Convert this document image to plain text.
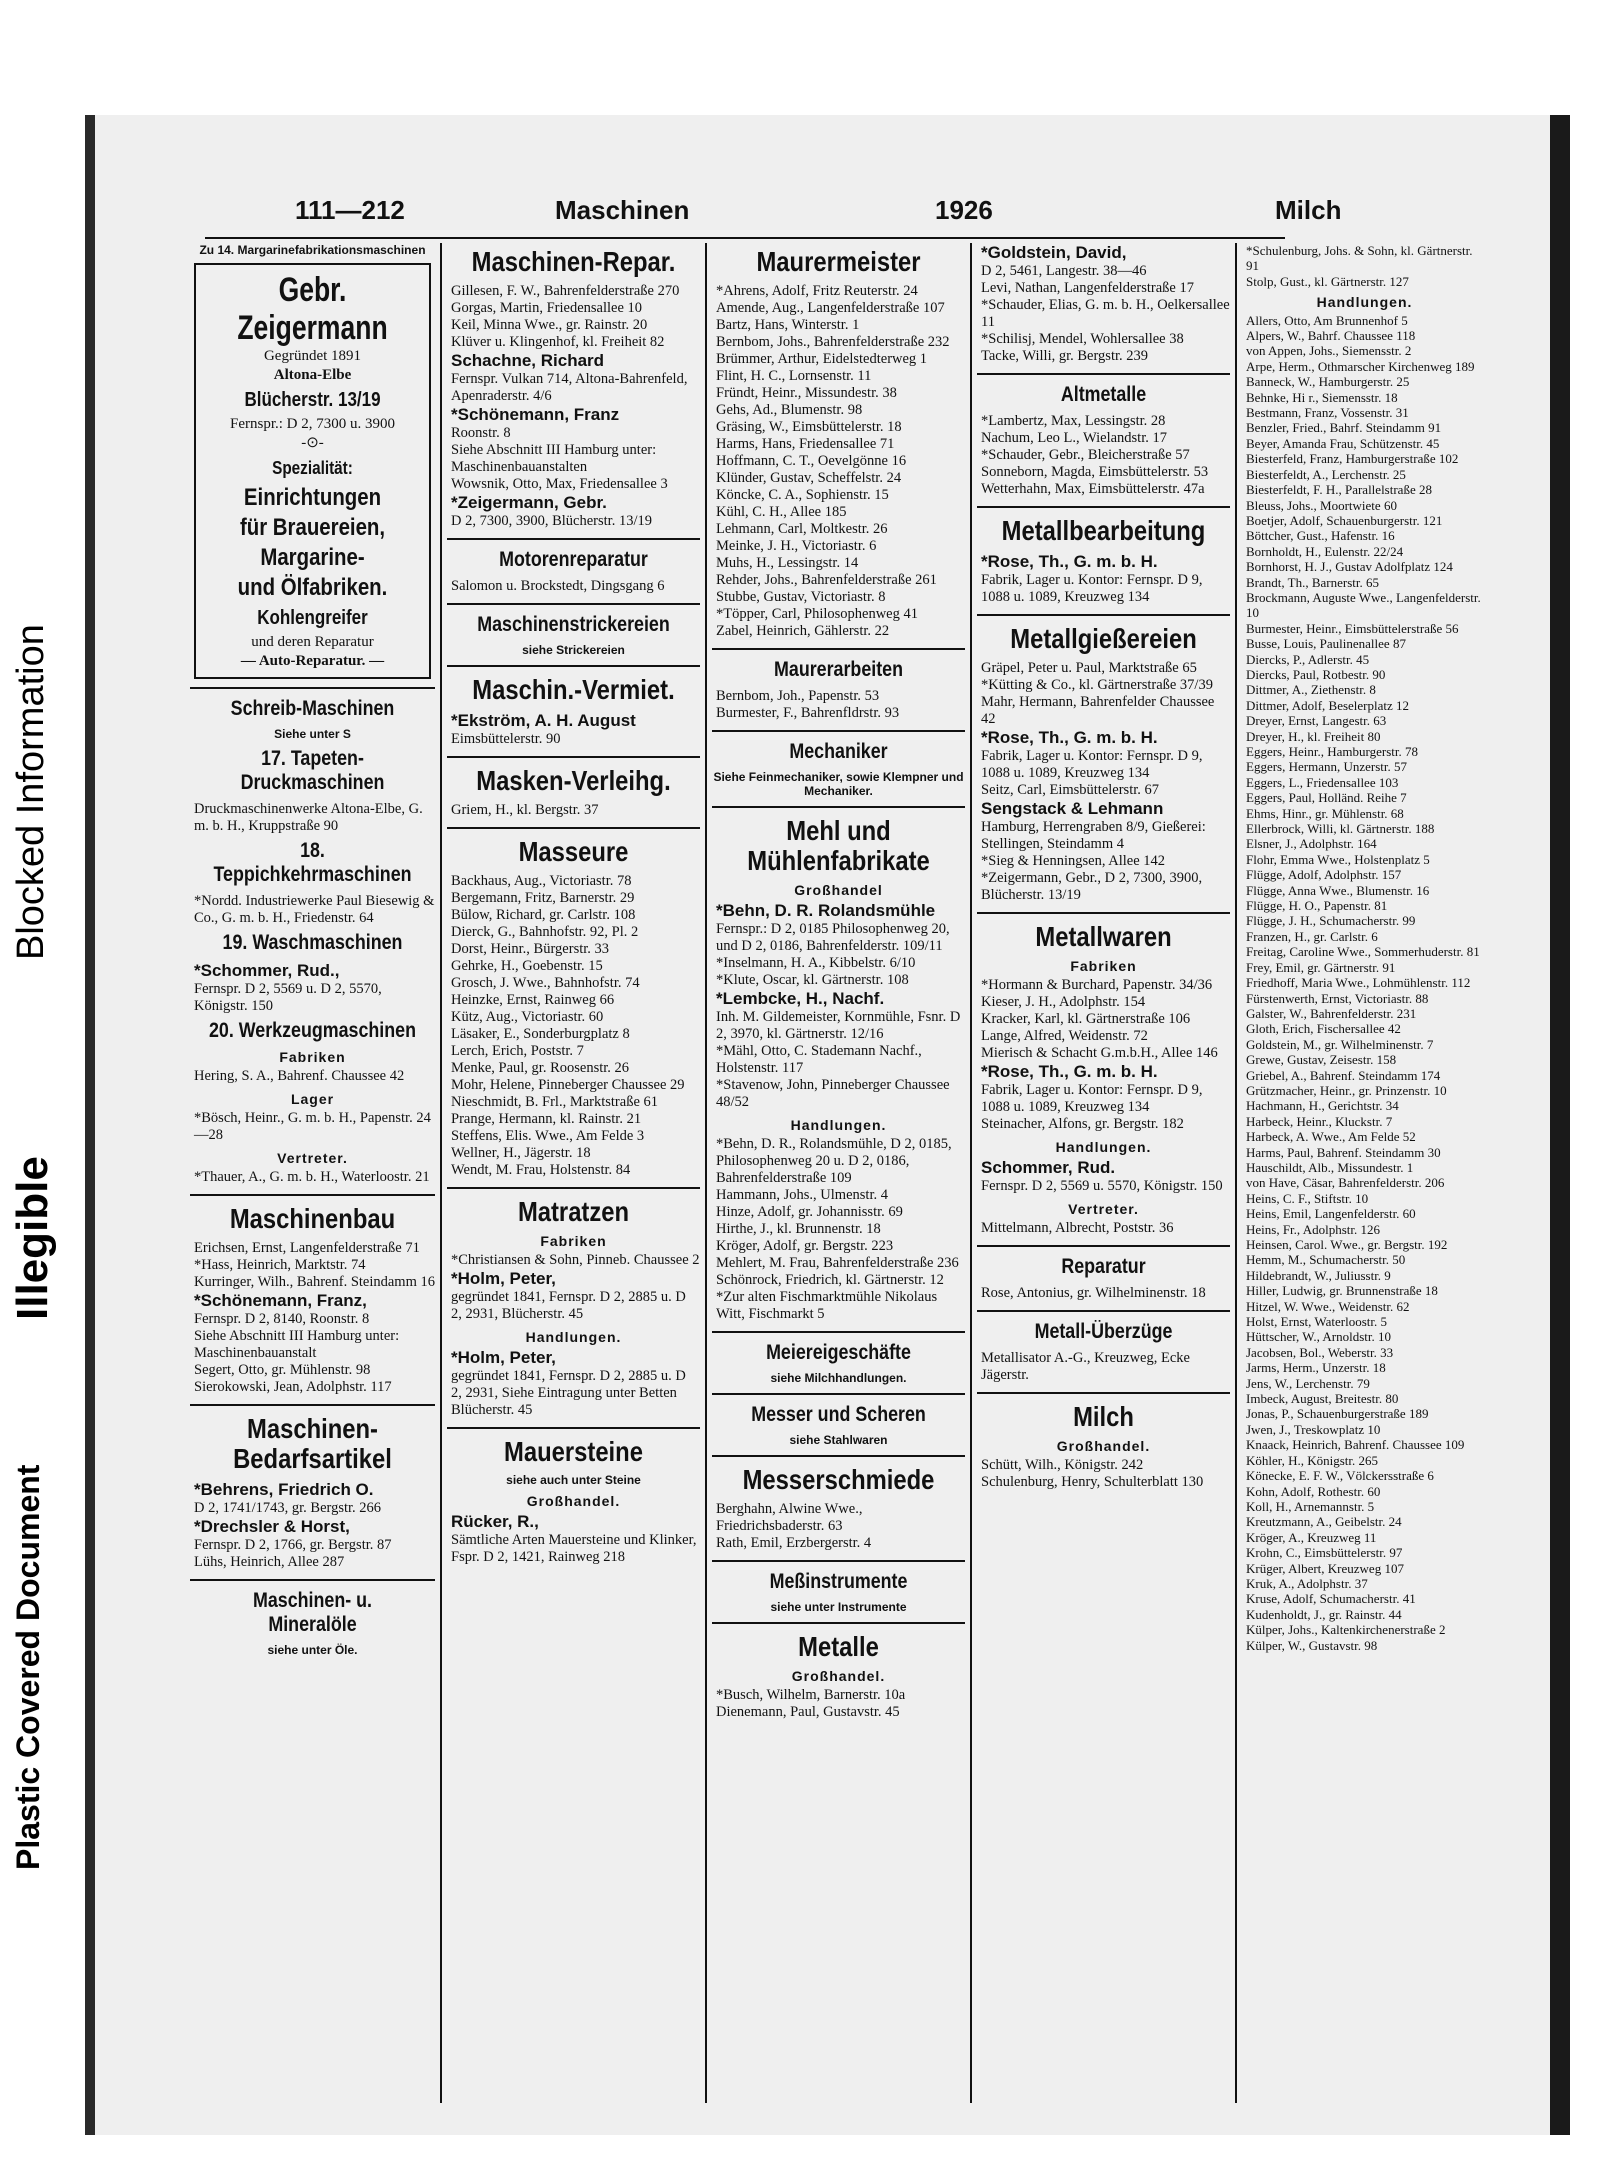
Plastic Covered Document
Illegible
Blocked Information
111—212	Maschinen	1926	Milch
Zu 14. Margarinefabrikationsmaschinen
Gebr. Zeigermann
Gegründet 1891
Altona-Elbe
Blücherstr. 13/19
Fernspr.: D 2, 7300 u. 3900
-⊙-
Spezialität:
Einrichtungen
für Brauereien,
Margarine-
und Ölfabriken.
Kohlengreifer
und deren Reparatur
— Auto-Reparatur. —
Schreib-Maschinen
Siehe unter S
17. Tapeten-Druckmaschinen

Druckmaschinenwerke Altona-Elbe, G. m. b. H., Kruppstraße 90

18. Teppichkehrmaschinen

*Nordd. Industriewerke Paul Biesewig & Co., G. m. b. H., Friedenstr. 64

19. Waschmaschinen

*Schommer, Rud.,

Fernspr. D 2, 5569 u. D 2, 5570, Königstr. 150

20. Werkzeugmaschinen
Fabriken

Hering, S. A., Bahrenf. Chaussee 42

Lager

*Bösch, Heinr., G. m. b. H., Papenstr. 24—28

Vertreter.

*Thauer, A., G. m. b. H., Waterloostr. 21

Maschinenbau

Erichsen, Ernst, Langenfelderstraße 71

*Hass, Heinrich, Marktstr. 74

Kurringer, Wilh., Bahrenf. Steindamm 16

*Schönemann, Franz,

Fernspr. D 2, 8140, Roonstr. 8

Siehe Abschnitt III Hamburg unter: Maschinenbauanstalt

Segert, Otto, gr. Mühlenstr. 98

Sierokowski, Jean, Adolphstr. 117

Maschinen-Bedarfsartikel

*Behrens, Friedrich O.

D 2, 1741/1743, gr. Bergstr. 266

*Drechsler & Horst,

Fernspr. D 2, 1766, gr. Bergstr. 87

Lühs, Heinrich, Allee 287

Maschinen- u. Mineralöle
siehe unter Öle.
Maschinen-Repar.

Gillesen, F. W., Bahrenfelderstraße 270

Gorgas, Martin, Friedensallee 10

Keil, Minna Wwe., gr. Rainstr. 20

Klüver u. Klingenhof, kl. Freiheit 82

Schachne, Richard

Fernspr. Vulkan 714, Altona-Bahrenfeld, Apenraderstr. 4/6

*Schönemann, Franz

Roonstr. 8

Siehe Abschnitt III Hamburg unter: Maschinenbauanstalten

Wowsnik, Otto, Max, Friedensallee 3

*Zeigermann, Gebr.

D 2, 7300, 3900, Blücherstr. 13/19

Motorenreparatur

Salomon u. Brockstedt, Dingsgang 6

Maschinenstrickereien
siehe Strickereien
Maschin.-Vermiet.

*Ekström, A. H. August

Eimsbüttelerstr. 90

Masken-Verleihg.

Griem, H., kl. Bergstr. 37

Masseure

Backhaus, Aug., Victoriastr. 78

Bergemann, Fritz, Barnerstr. 29

Bülow, Richard, gr. Carlstr. 108

Dierck, G., Bahnhofstr. 92, Pl. 2

Dorst, Heinr., Bürgerstr. 33

Gehrke, H., Goebenstr. 15

Grosch, J. Wwe., Bahnhofstr. 74

Heinzke, Ernst, Rainweg 66

Kütz, Aug., Victoriastr. 60

Läsaker, E., Sonderburgplatz 8

Lerch, Erich, Poststr. 7

Menke, Paul, gr. Roosenstr. 26

Mohr, Helene, Pinneberger Chaussee 29

Nieschmidt, B. Frl., Marktstraße 61

Prange, Hermann, kl. Rainstr. 21

Steffens, Elis. Wwe., Am Felde 3

Wellner, H., Jägerstr. 18

Wendt, M. Frau, Holstenstr. 84

Matratzen
Fabriken

*Christiansen & Sohn, Pinneb. Chaussee 2

*Holm, Peter,

gegründet 1841, Fernspr. D 2, 2885 u. D 2, 2931, Blücherstr. 45

Handlungen.

*Holm, Peter,

gegründet 1841, Fernspr. D 2, 2885 u. D 2, 2931, Siehe Eintragung unter Betten Blücherstr. 45

Mauersteine
siehe auch unter Steine
Großhandel.

Rücker, R.,

Sämtliche Arten Mauersteine und Klinker, Fspr. D 2, 1421, Rainweg 218

Maurermeister

*Ahrens, Adolf, Fritz Reuterstr. 24

Amende, Aug., Langenfelderstraße 107

Bartz, Hans, Winterstr. 1

Bernbom, Johs., Bahrenfelderstraße 232

Brümmer, Arthur, Eidelstedterweg 1

Flint, H. C., Lornsenstr. 11

Fründt, Heinr., Missundestr. 38

Gehs, Ad., Blumenstr. 98

Gräsing, W., Eimsbüttelerstr. 18

Harms, Hans, Friedensallee 71

Hoffmann, C. T., Oevelgönne 16

Klünder, Gustav, Scheffelstr. 24

Köncke, C. A., Sophienstr. 15

Kühl, C. H., Allee 185

Lehmann, Carl, Moltkestr. 26

Meinke, J. H., Victoriastr. 6

Muhs, H., Lessingstr. 14

Rehder, Johs., Bahrenfelderstraße 261

Stubbe, Gustav, Victoriastr. 8

*Töpper, Carl, Philosophenweg 41

Zabel, Heinrich, Gählerstr. 22

Maurerarbeiten

Bernbom, Joh., Papenstr. 53

Burmester, F., Bahrenfldrstr. 93

Mechaniker
Siehe Feinmechaniker, sowie Klempner und Mechaniker.
Mehl und Mühlenfabrikate
Großhandel

*Behn, D. R. Rolandsmühle

Fernspr.: D 2, 0185 Philosophenweg 20, und D 2, 0186, Bahrenfelderstr. 109/11

*Inselmann, H. A., Kibbelstr. 6/10

*Klute, Oscar, kl. Gärtnerstr. 108

*Lembcke, H., Nachf.

Inh. M. Gildemeister, Kornmühle, Fsnr. D 2, 3970, kl. Gärtnerstr. 12/16

*Mähl, Otto, C. Stademann Nachf., Holstenstr. 117

*Stavenow, John, Pinneberger Chaussee 48/52

Handlungen.

*Behn, D. R., Rolandsmühle, D 2, 0185, Philosophenweg 20 u. D 2, 0186, Bahrenfelderstraße 109

Hammann, Johs., Ulmenstr. 4

Hinze, Adolf, gr. Johannisstr. 69

Hirthe, J., kl. Brunnenstr. 18

Kröger, Adolf, gr. Bergstr. 223

Mehlert, M. Frau, Bahrenfelderstraße 236

Schönrock, Friedrich, kl. Gärtnerstr. 12

*Zur alten Fischmarktmühle Nikolaus Witt, Fischmarkt 5

Meiereigeschäfte
siehe Milchhandlungen.
Messer und Scheren
siehe Stahlwaren
Messerschmiede

Berghahn, Alwine Wwe., Friedrichsbaderstr. 63

Rath, Emil, Erzbergerstr. 4

Meßinstrumente
siehe unter Instrumente
Metalle
Großhandel.

*Busch, Wilhelm, Barnerstr. 10a

Dienemann, Paul, Gustavstr. 45

*Goldstein, David,

D 2, 5461, Langestr. 38—46

Levi, Nathan, Langenfelderstraße 17

*Schauder, Elias, G. m. b. H., Oelkersallee 11

*Schilisj, Mendel, Wohlersallee 38

Tacke, Willi, gr. Bergstr. 239

Altmetalle

*Lambertz, Max, Lessingstr. 28

Nachum, Leo L., Wielandstr. 17

*Schauder, Gebr., Bleicherstraße 57

Sonneborn, Magda, Eimsbüttelerstr. 53

Wetterhahn, Max, Eimsbüttelerstr. 47a

Metallbearbeitung

*Rose, Th., G. m. b. H.

Fabrik, Lager u. Kontor: Fernspr. D 9, 1088 u. 1089, Kreuzweg 134

Metallgießereien

Gräpel, Peter u. Paul, Marktstraße 65

*Kütting & Co., kl. Gärtnerstraße 37/39

Mahr, Hermann, Bahrenfelder Chaussee 42

*Rose, Th., G. m. b. H.

Fabrik, Lager u. Kontor: Fernspr. D 9, 1088 u. 1089, Kreuzweg 134

Seitz, Carl, Eimsbüttelerstr. 67

Sengstack & Lehmann

Hamburg, Herrengraben 8/9, Gießerei: Stellingen, Steindamm 4

*Sieg & Henningsen, Allee 142

*Zeigermann, Gebr., D 2, 7300, 3900, Blücherstr. 13/19

Metallwaren
Fabriken

*Hormann & Burchard, Papenstr. 34/36

Kieser, J. H., Adolphstr. 154

Kracker, Karl, kl. Gärtnerstraße 106

Lange, Alfred, Weidenstr. 72

Mierisch & Schacht G.m.b.H., Allee 146

*Rose, Th., G. m. b. H.

Fabrik, Lager u. Kontor: Fernspr. D 9, 1088 u. 1089, Kreuzweg 134

Steinacher, Alfons, gr. Bergstr. 182

Handlungen.

Schommer, Rud.

Fernspr. D 2, 5569 u. 5570, Königstr. 150

Vertreter.

Mittelmann, Albrecht, Poststr. 36

Reparatur

Rose, Antonius, gr. Wilhelminenstr. 18

Metall-Überzüge

Metallisator A.-G., Kreuzweg, Ecke Jägerstr.

Milch
Großhandel.

Schütt, Wilh., Königstr. 242

Schulenburg, Henry, Schulterblatt 130

*Schulenburg, Johs. & Sohn, kl. Gärtnerstr. 91

Stolp, Gust., kl. Gärtnerstr. 127

Handlungen.

Allers, Otto, Am Brunnenhof 5

Alpers, W., Bahrf. Chaussee 118

von Appen, Johs., Siemensstr. 2

Arpe, Herm., Othmarscher Kirchenweg 189

Banneck, W., Hamburgerstr. 25

Behnke, Hi r., Siemensstr. 18

Bestmann, Franz, Vossenstr. 31

Benzler, Fried., Bahrf. Steindamm 91

Beyer, Amanda Frau, Schützenstr. 45

Biesterfeld, Franz, Hamburgerstraße 102

Biesterfeldt, A., Lerchenstr. 25

Biesterfeldt, F. H., Parallelstraße 28

Bleuss, Johs., Moortwiete 60

Boetjer, Adolf, Schauenburgerstr. 121

Böttcher, Gust., Hafenstr. 16

Bornholdt, H., Eulenstr. 22/24

Bornhorst, H. J., Gustav Adolfplatz 124

Brandt, Th., Barnerstr. 65

Brockmann, Auguste Wwe., Langenfelderstr. 10

Burmester, Heinr., Eimsbüttelerstraße 56

Busse, Louis, Paulinenallee 87

Diercks, P., Adlerstr. 45

Diercks, Paul, Rotbestr. 90

Dittmer, A., Ziethenstr. 8

Dittmer, Adolf, Beselerplatz 12

Dreyer, Ernst, Langestr. 63

Dreyer, H., kl. Freiheit 80

Eggers, Heinr., Hamburgerstr. 78

Eggers, Hermann, Unzerstr. 57

Eggers, L., Friedensallee 103

Eggers, Paul, Holländ. Reihe 7

Ehms, Hinr., gr. Mühlenstr. 68

Ellerbrock, Willi, kl. Gärtnerstr. 188

Elsner, J., Adolphstr. 164

Flohr, Emma Wwe., Holstenplatz 5

Flügge, Adolf, Adolphstr. 157

Flügge, Anna Wwe., Blumenstr. 16

Flügge, H. O., Papenstr. 81

Flügge, J. H., Schumacherstr. 99

Franzen, H., gr. Carlstr. 6

Freitag, Caroline Wwe., Sommerhuderstr. 81

Frey, Emil, gr. Gärtnerstr. 91

Friedhoff, Maria Wwe., Lohmühlenstr. 112

Fürstenwerth, Ernst, Victoriastr. 88

Galster, W., Bahrenfelderstr. 231

Gloth, Erich, Fischersallee 42

Goldstein, M., gr. Wilhelminenstr. 7

Grewe, Gustav, Zeisestr. 158

Griebel, A., Bahrenf. Steindamm 174

Grützmacher, Heinr., gr. Prinzenstr. 10

Hachmann, H., Gerichtstr. 34

Harbeck, Heinr., Kluckstr. 7

Harbeck, A. Wwe., Am Felde 52

Harms, Paul, Bahrenf. Steindamm 30

Hauschildt, Alb., Missundestr. 1

von Have, Cäsar, Bahrenfelderstr. 206

Heins, C. F., Stiftstr. 10

Heins, Emil, Langenfelderstr. 60

Heins, Fr., Adolphstr. 126

Heinsen, Carol. Wwe., gr. Bergstr. 192

Hemm, M., Schumacherstr. 50

Hildebrandt, W., Juliusstr. 9

Hiller, Ludwig, gr. Brunnenstraße 18

Hitzel, W. Wwe., Weidenstr. 62

Holst, Ernst, Waterloostr. 5

Hüttscher, W., Arnoldstr. 10

Jacobsen, Bol., Weberstr. 33

Jarms, Herm., Unzerstr. 18

Jens, W., Lerchenstr. 79

Imbeck, August, Breitestr. 80

Jonas, P., Schauenburgerstraße 189

Jwen, J., Treskowplatz 10

Knaack, Heinrich, Bahrenf. Chaussee 109

Köhler, H., Königstr. 265

Könecke, E. F. W., Völckersstraße 6

Kohn, Adolf, Rothestr. 60

Koll, H., Arnemannstr. 5

Kreutzmann, A., Geibelstr. 24

Kröger, A., Kreuzweg 11

Krohn, C., Eimsbüttelerstr. 97

Krüger, Albert, Kreuzweg 107

Kruk, A., Adolphstr. 37

Kruse, Adolf, Schumacherstr. 41

Kudenholdt, J., gr. Rainstr. 44

Külper, Johs., Kaltenkirchenerstraße 2

Külper, W., Gustavstr. 98
